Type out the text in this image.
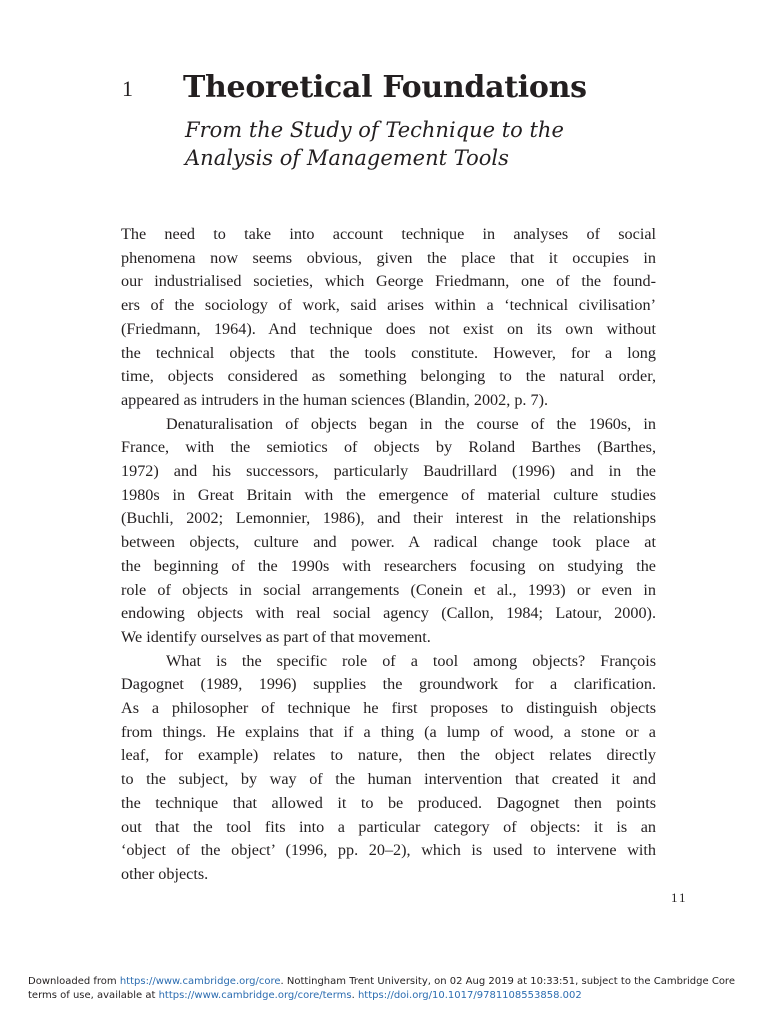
1 Theoretical Foundations
From the Study of Technique to the
Analysis of Management Tools

The need to take into account technique in analyses of social
phenomena now seems obvious, given the place that it occupies in
our industrialised societies, which George Friedmann, one of the found-
ers of the sociology of work, said arises within a ‘technical civilisation’
(Friedmann, 1964). And technique does not exist on its own without
the technical objects that the tools constitute. However, for a long
time, objects considered as something belonging to the natural order,
appeared as intruders in the human sciences (Blandin, 2002, p. 7).

Denaturalisation of objects began in the course of the 1960s, in
France, with the semiotics of objects by Roland Barthes (Barthes,
1972) and his successors, particularly Baudrillard (1996) and in the
1980s in Great Britain with the emergence of material culture studies
(Buchli, 2002; Lemonnier, 1986), and their interest in the relationships
between objects, culture and power. A radical change took place at
the beginning of the 1990s with researchers focusing on studying the
role of objects in social arrangements (Conein et al., 1993) or even in
endowing objects with real social agency (Callon, 1984; Latour, 2000).
We identify ourselves as part of that movement.

What is the specific role of a tool among objects? François
Dagognet (1989, 1996) supplies the groundwork for a clarification.
As a philosopher of technique he first proposes to distinguish objects
from things. He explains that if a thing (a lump of wood, a stone or a
leaf, for example) relates to nature, then the object relates directly
to the subject, by way of the human intervention that created it and
the technique that allowed it to be produced. Dagognet then points
out that the tool fits into a particular category of objects: it is an
‘object of the object’ (1996, pp. 20–2), which is used to intervene with
other objects.

11
Downloaded from https://www.cambridge.org/core. Nottingham Trent University, on 02 Aug 2019 at 10:33:51, subject to the Cambridge Core
terms of use, available at https://www.cambridge.org/core/terms. https://doi.org/10.1017/9781108553858.002
